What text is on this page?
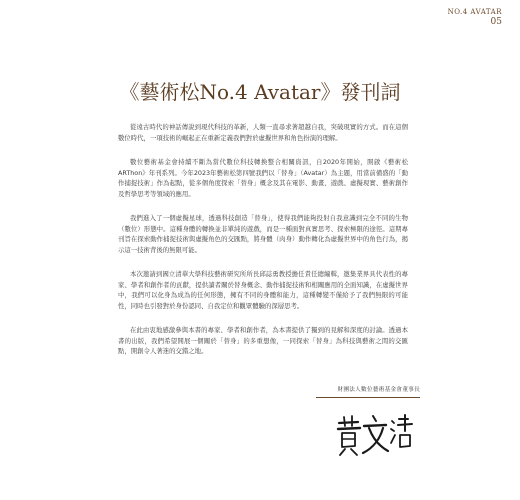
NO.4 AVATAR
05
《藝術松No.4 Avatar》發刊詞

從遠古時代的神話傳說到現代科技的革新，人類一直尋求著超越自我，突破現實的方式。而在這個數位時代，一項技術的崛起正在重新定義我們對於虛擬世界和角色扮演的理解。

數位藝術基金會持續不斷為當代數位科技轉換整合相關資訊，自2020年開始，開啟《藝術松ARThon》年刊系列。今年2023年藝術松第四號我們以「替身」（Avatar）為主題，用當前備盛的「動作捕捉技術」作為起點，從多個角度探索「替身」概念及其在電影、動畫、遊戲、虛擬現實、藝術創作及哲學思考等領域的應用。

我們進入了一個虛擬星球，透過科技創造「替身」，使得我們能夠投射自我意識到完全不同的生物（數位）形態中。這種身體的轉換並非單純的遊戲，而是一種面對真實思考、探索極限的途徑。這期專刊旨在探索動作捕捉技術與虛擬角色的交匯點，將身體（肉身）動作轉化為虛擬世界中的角色行為，揭示這一技術背後的無限可能。

本次邀請到國立清華大學科技藝術研究所所長邱誌勇教授擔任責任總編輯，邀集業界具代表性的專家、學者和創作者的貢獻，提供讀者關於替身概念、動作捕捉技術和相關應用的全面知識，在虛擬世界中，我們可以化身為成為的任何形態，擁有不同的身體和能力，這種轉變不僅給予了我們無限的可能性，同時也引發對於身份認同、自我定位和觀眾體驗的深層思考。

在此由衷地感激參與本書的專家、學者和創作者，為本書提供了獨到的見解和深度的討論。透過本書的出版，我們希望開展一個關於「替身」的多重想像，一同探索「替身」為科技與藝術之間的交匯點，開創令人著迷的交錯之地。

財團法人數位藝術基金會董事長
